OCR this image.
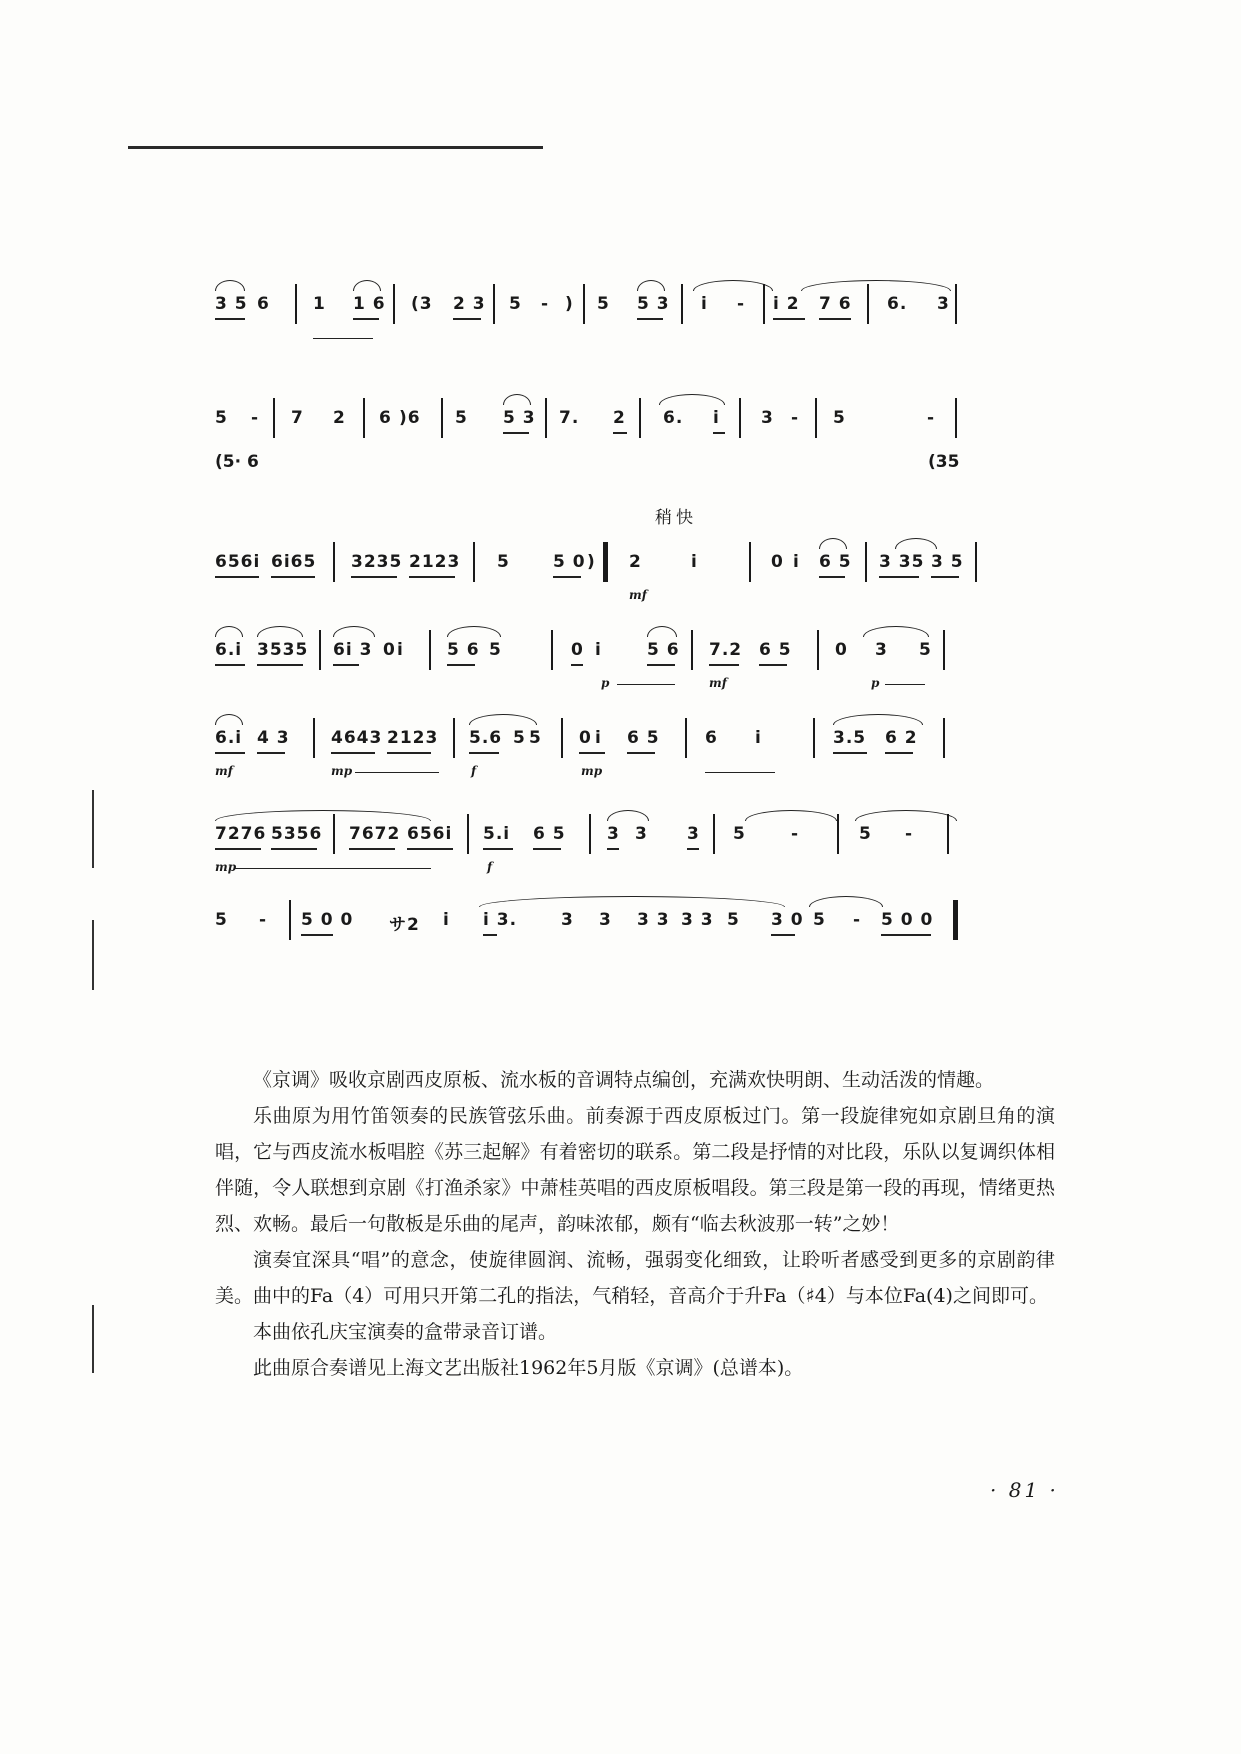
稍快
3 5 6	1 1 6 (3 2 3 5 - ) 5 5 3 i - i 2 7 6 6. 3
5 - 7 2 6 )6 5 5 3 7. 2 6. i 3 - 5	-
(5· 6	(35
656i 6i65 3235 2123 5	5 0 ) 2
mf
i	0 i 6 5 3 35 3 5
6.i 3535 6i 3 0 i	5 6 5	0 i	5 6
p
7.2
mf
6 5	0 3 5
p
6.i
mf
4 3 4643 2123
mp
5.6
f
5 5 0 i
mp
6 5	6 i	3.5 6 2
7276 5356
mp
7672 656i 5.i
f
6 5 3 3 3 5	-	5 -
5 - 5 0 0 サ2 i i 3.	3 3 3 3 3 3 5 3 0 5 - 5 0 0

《京调》吸收京剧西皮原板、流水板的音调特点编创，充满欢快明朗、生动活泼的情趣。

乐曲原为用竹笛领奏的民族管弦乐曲。前奏源于西皮原板过门。第一段旋律宛如京剧旦角的演唱，它与西皮流水板唱腔《苏三起解》有着密切的联系。第二段是抒情的对比段，乐队以复调织体相伴随，令人联想到京剧《打渔杀家》中萧桂英唱的西皮原板唱段。第三段是第一段的再现，情绪更热烈、欢畅。最后一句散板是乐曲的尾声，韵味浓郁，颇有“临去秋波那一转”之妙！

演奏宜深具“唱”的意念，使旋律圆润、流畅，强弱变化细致，让聆听者感受到更多的京剧韵律美。曲中的Fa（4）可用只开第二孔的指法，气稍轻，音高介于升Fa（♯4）与本位Fa(4)之间即可。

本曲依孔庆宝演奏的盒带录音订谱。

此曲原合奏谱见上海文艺出版社1962年5月版《京调》(总谱本)。

· 81 ·
